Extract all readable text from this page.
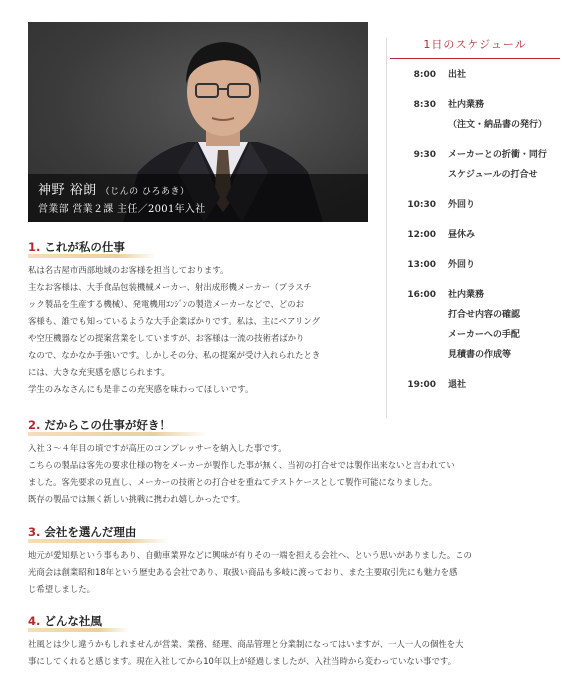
神野 裕朗 （じんの ひろあき）
営業部 営業２課 主任／2001年入社
1日のスケジュール
8:00	出社
8:30	社内業務
（注文・納品書の発行）
9:30	メーカーとの折衝・同行
スケジュールの打合せ
10:30	外回り
12:00	昼休み
13:00	外回り
16:00	社内業務
打合せ内容の確認
メーカーへの手配
見積書の作成等
19:00	退社
1. これが私の仕事

私は名古屋市西部地域のお客様を担当しております。

主なお客様は、大手食品包装機械メーカー、射出成形機メーカー（プラスチ

ック製品を生産する機械）、発電機用ｴﾝｼﾞﾝの製造メーカーなどで、どのお

客様も、誰でも知っているような大手企業ばかりです。私は、主にベアリング

や空圧機器などの提案営業をしていますが、お客様は一流の技術者ばかり

なので、なかなか手強いです。しかしその分、私の提案が受け入れられたとき

には、大きな充実感を感じられます。

学生のみなさんにも是非この充実感を味わってほしいです。

2. だからこの仕事が好き！

入社３～４年目の頃ですが高圧のコンプレッサーを納入した事です。

こちらの製品は客先の要求仕様の物をメーカーが製作した事が無く、当初の打合せでは製作出来ないと言われてい

ました。客先要求の見直し、メーカーの技術との打合せを重ねてテストケースとして製作可能になりました。

既存の製品では無く新しい挑戦に携われ嬉しかったです。

3. 会社を選んだ理由

地元が愛知県という事もあり、自動車業界などに興味が有りその一端を担える会社へ、という思いがありました。この

光商会は創業昭和18年という歴史ある会社であり、取扱い商品も多岐に渡っており、また主要取引先にも魅力を感

じ希望しました。

4. どんな社風

社風とは少し違うかもしれませんが営業、業務、経理、商品管理と分業制になってはいますが、一人一人の個性を大

事にしてくれると感じます。現在入社してから10年以上が経過しましたが、入社当時から変わっていない事です。
